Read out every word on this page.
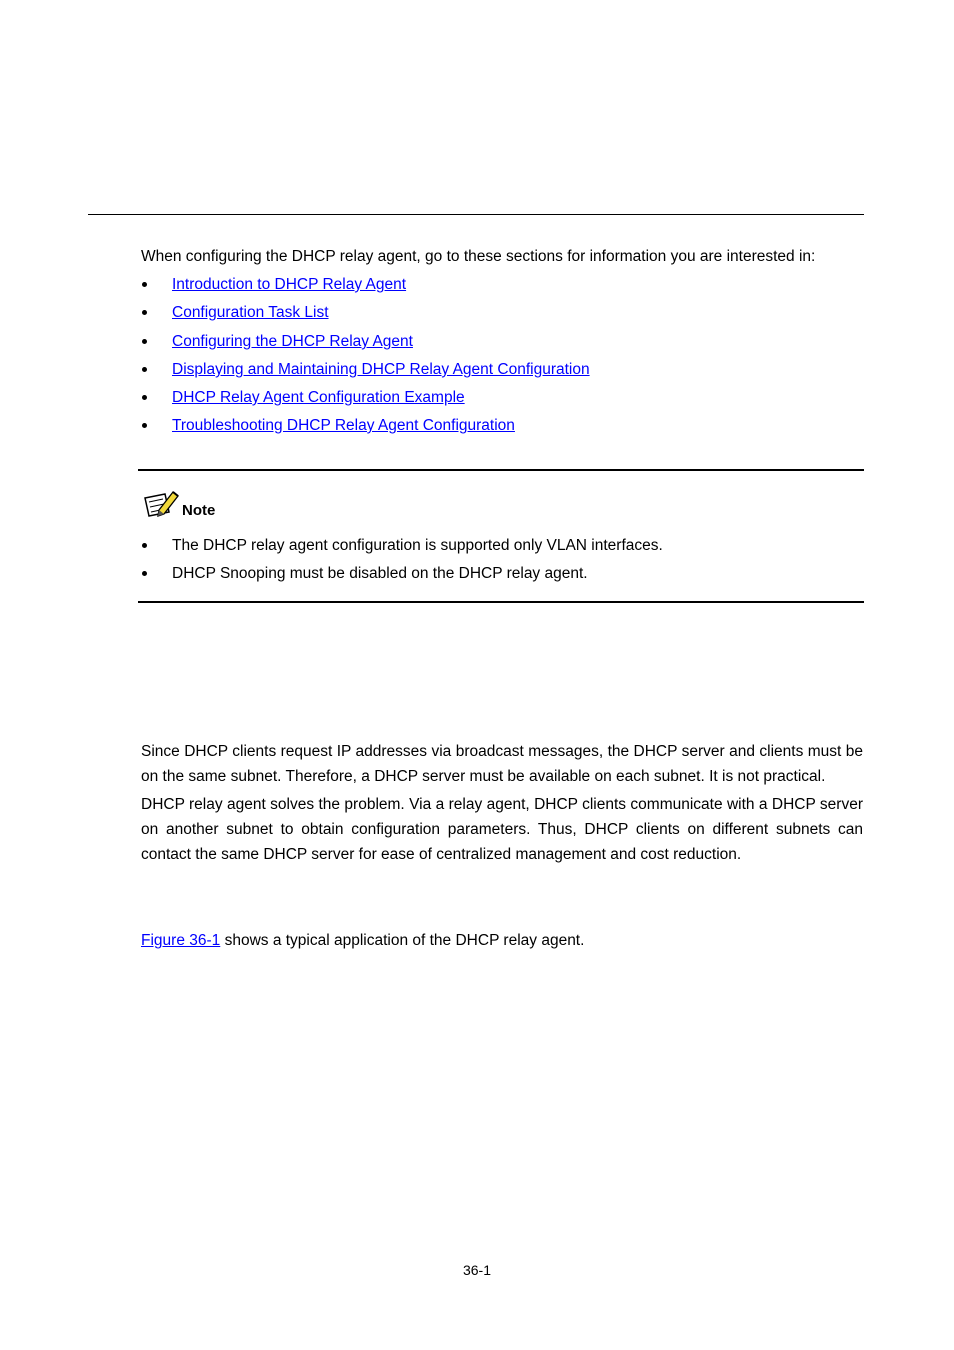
When configuring the DHCP relay agent, go to these sections for information you are interested in:
Introduction to DHCP Relay Agent
Configuration Task List
Configuring the DHCP Relay Agent
Displaying and Maintaining DHCP Relay Agent Configuration
DHCP Relay Agent Configuration Example
Troubleshooting DHCP Relay Agent Configuration
Note
The DHCP relay agent configuration is supported only VLAN interfaces.
DHCP Snooping must be disabled on the DHCP relay agent.
Since DHCP clients request IP addresses via broadcast messages, the DHCP server and clients must be on the same subnet. Therefore, a DHCP server must be available on each subnet. It is not practical.
DHCP relay agent solves the problem. Via a relay agent, DHCP clients communicate with a DHCP server on another subnet to obtain configuration parameters. Thus, DHCP clients on different subnets can contact the same DHCP server for ease of centralized management and cost reduction.
Figure 36-1 shows a typical application of the DHCP relay agent.
36-1
